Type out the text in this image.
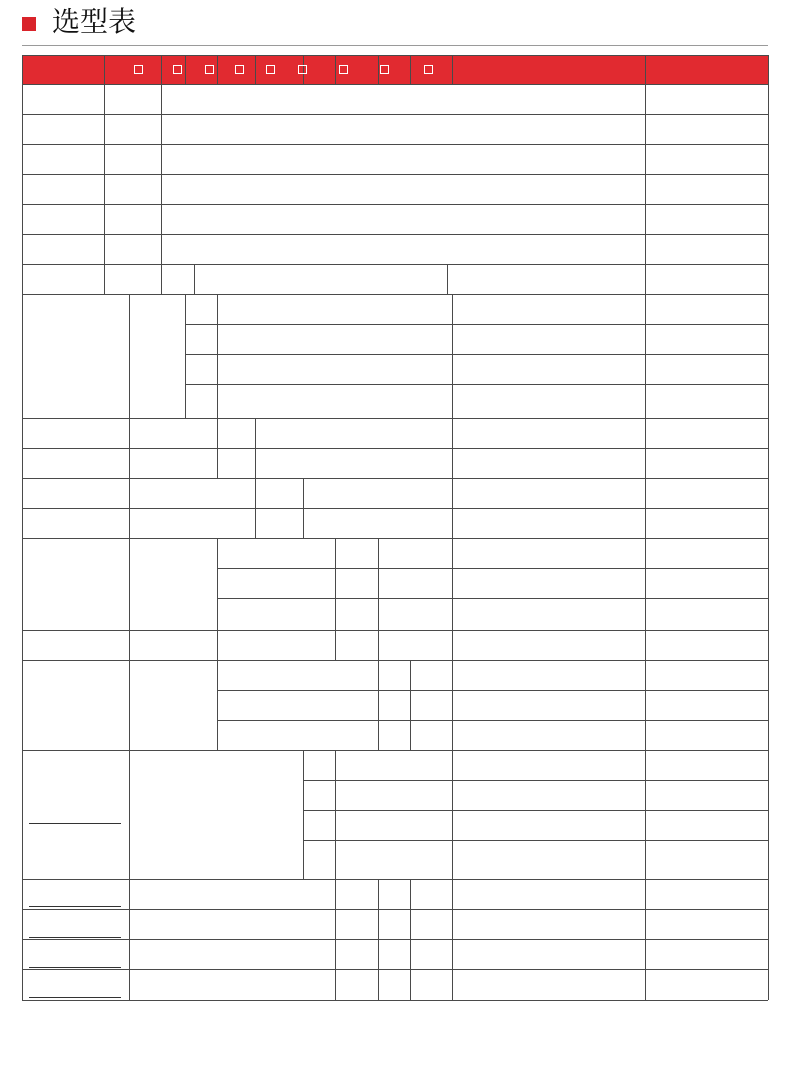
选型表
